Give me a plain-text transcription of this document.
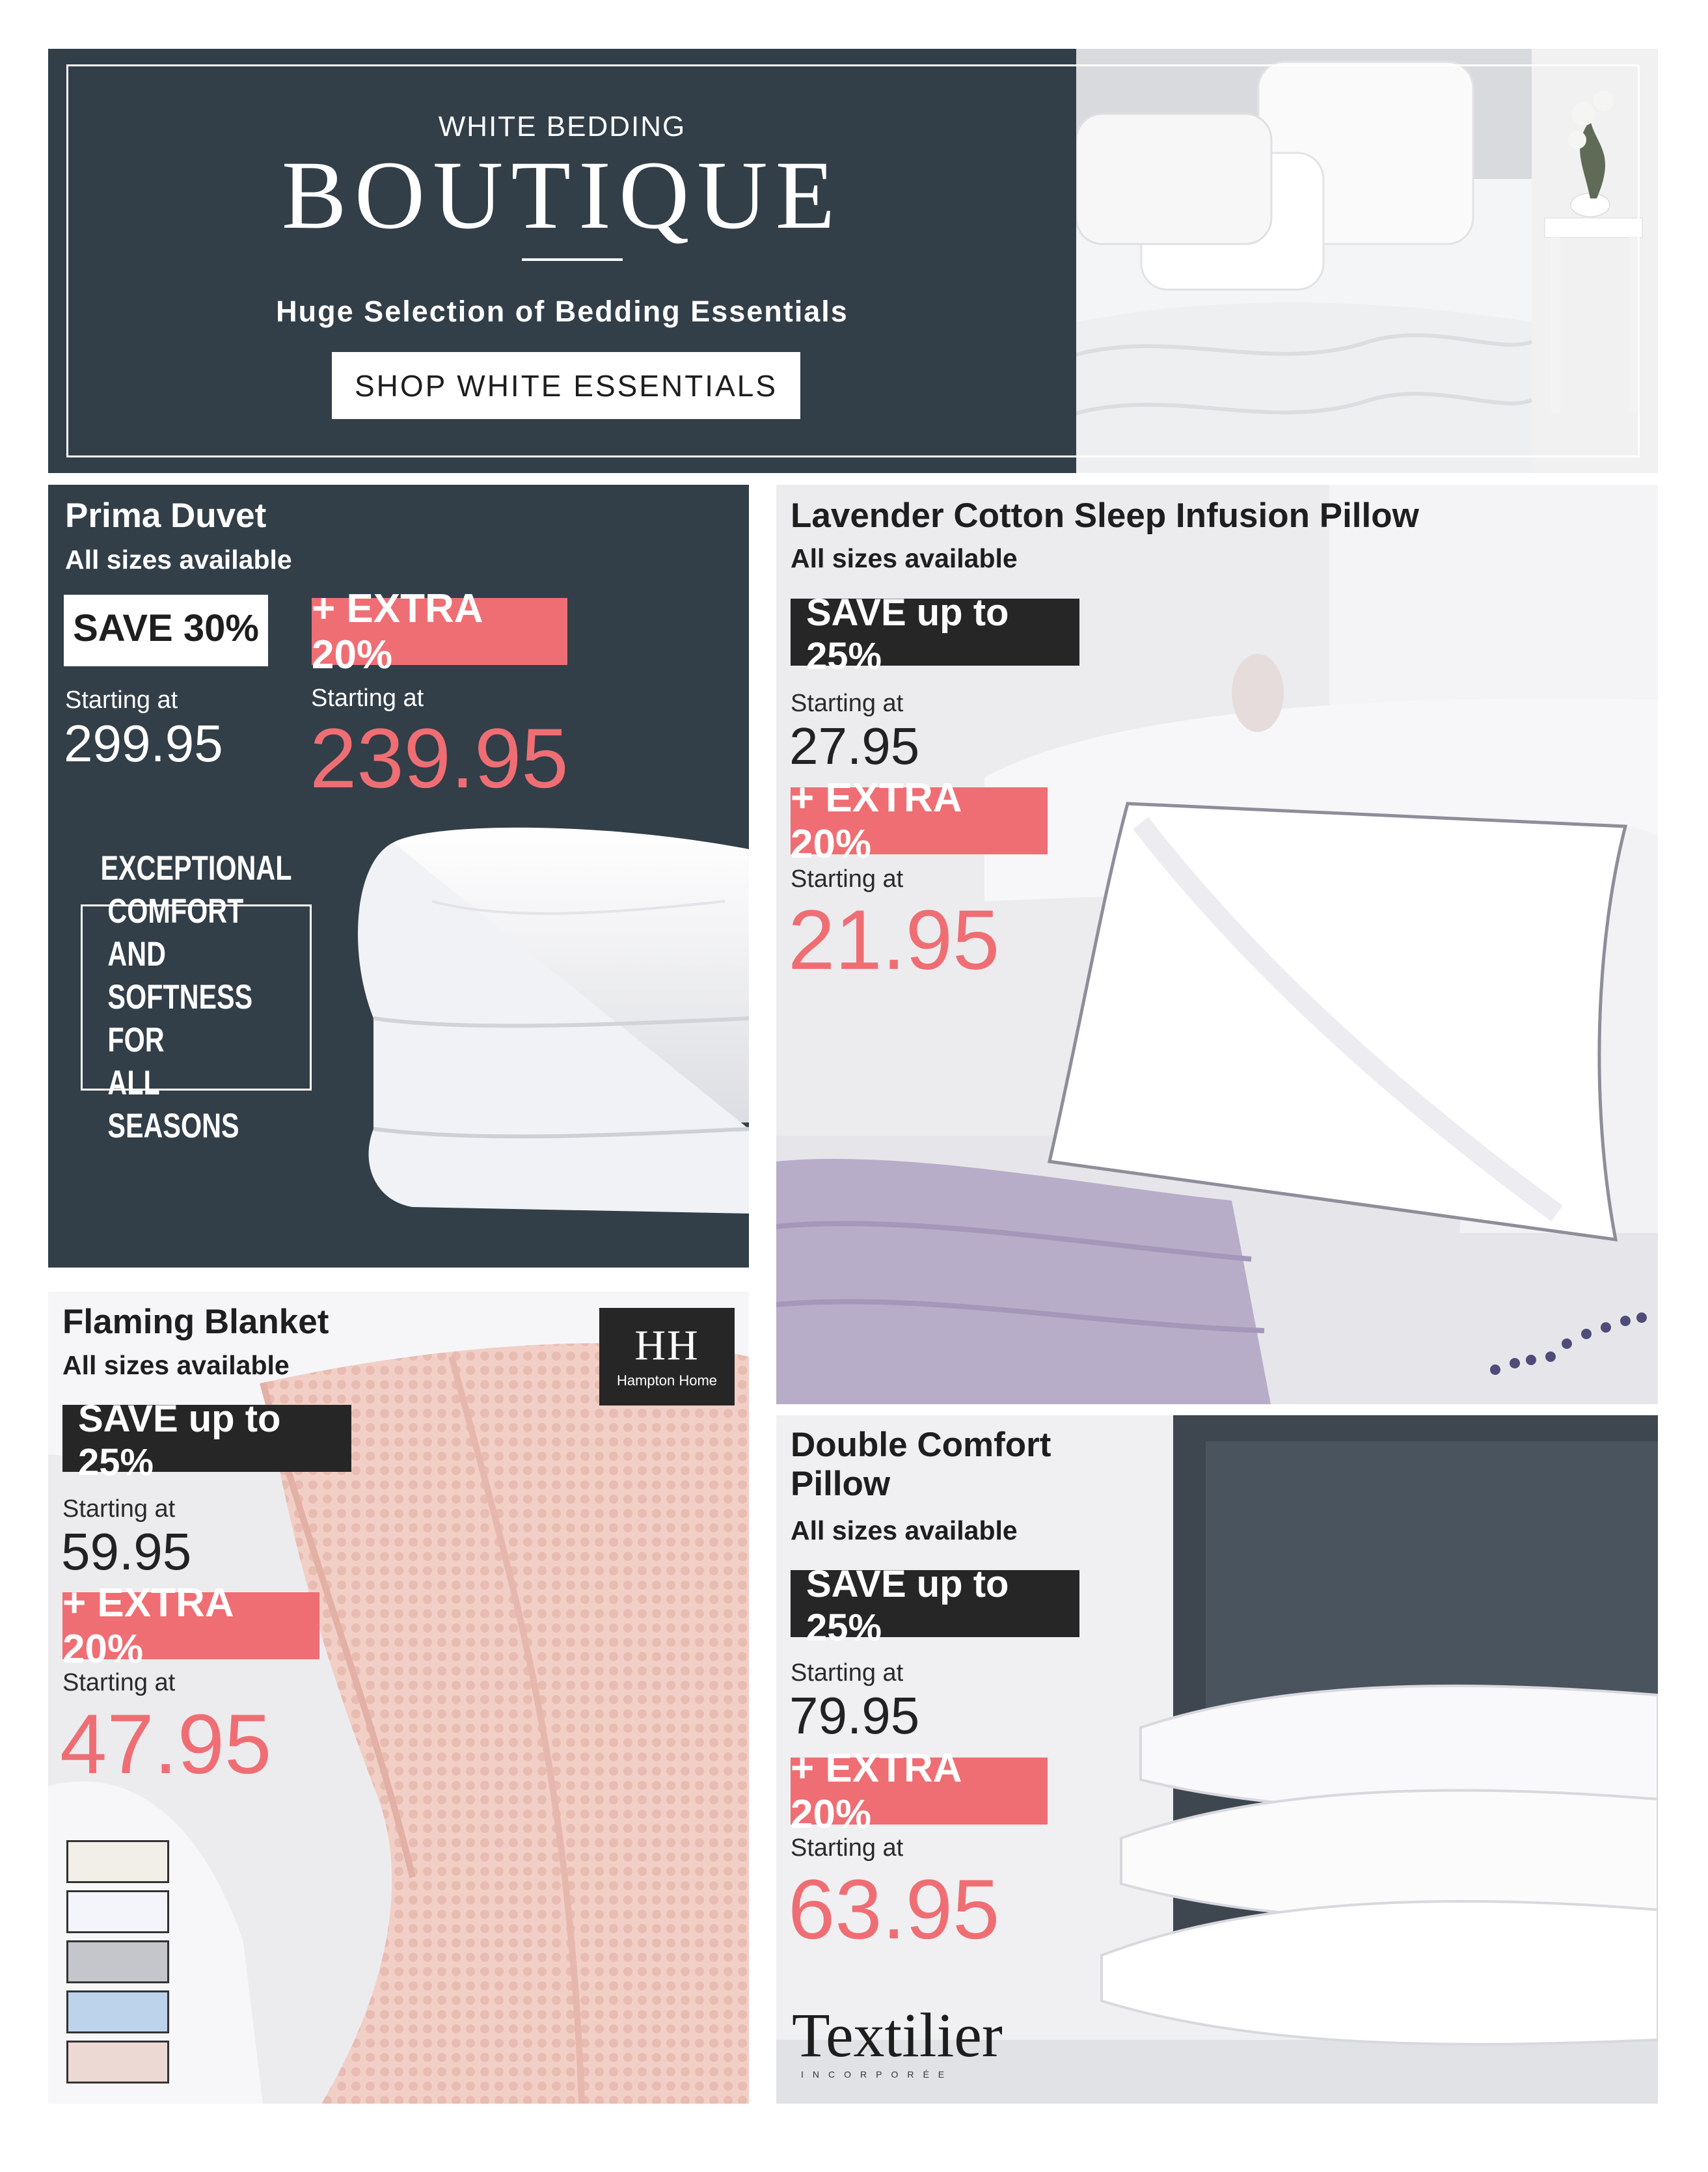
WHITE BEDDING
BOUTIQUE
Huge Selection of Bedding Essentials
SHOP WHITE ESSENTIALS
Prima Duvet
All sizes available
SAVE 30% + EXTRA 20%
Starting at
299.95
Starting at
239.95
EXCEPTIONAL
COMFORT AND
SOFTNESS FOR
ALL SEASONS
Lavender Cotton Sleep Infusion Pillow
All sizes available
SAVE up to 25%
Starting at
27.95
+ EXTRA 20%
Starting at
21.95
Flaming Blanket
All sizes available	HH
Hampton Home
SAVE up to 25%
Starting at
59.95
+ EXTRA 20%
Starting at
47.95
Double Comfort
Pillow
All sizes available
SAVE up to 25%
Starting at
79.95
+ EXTRA 20%
Starting at
63.95
Textilier
INCORPORÉE
